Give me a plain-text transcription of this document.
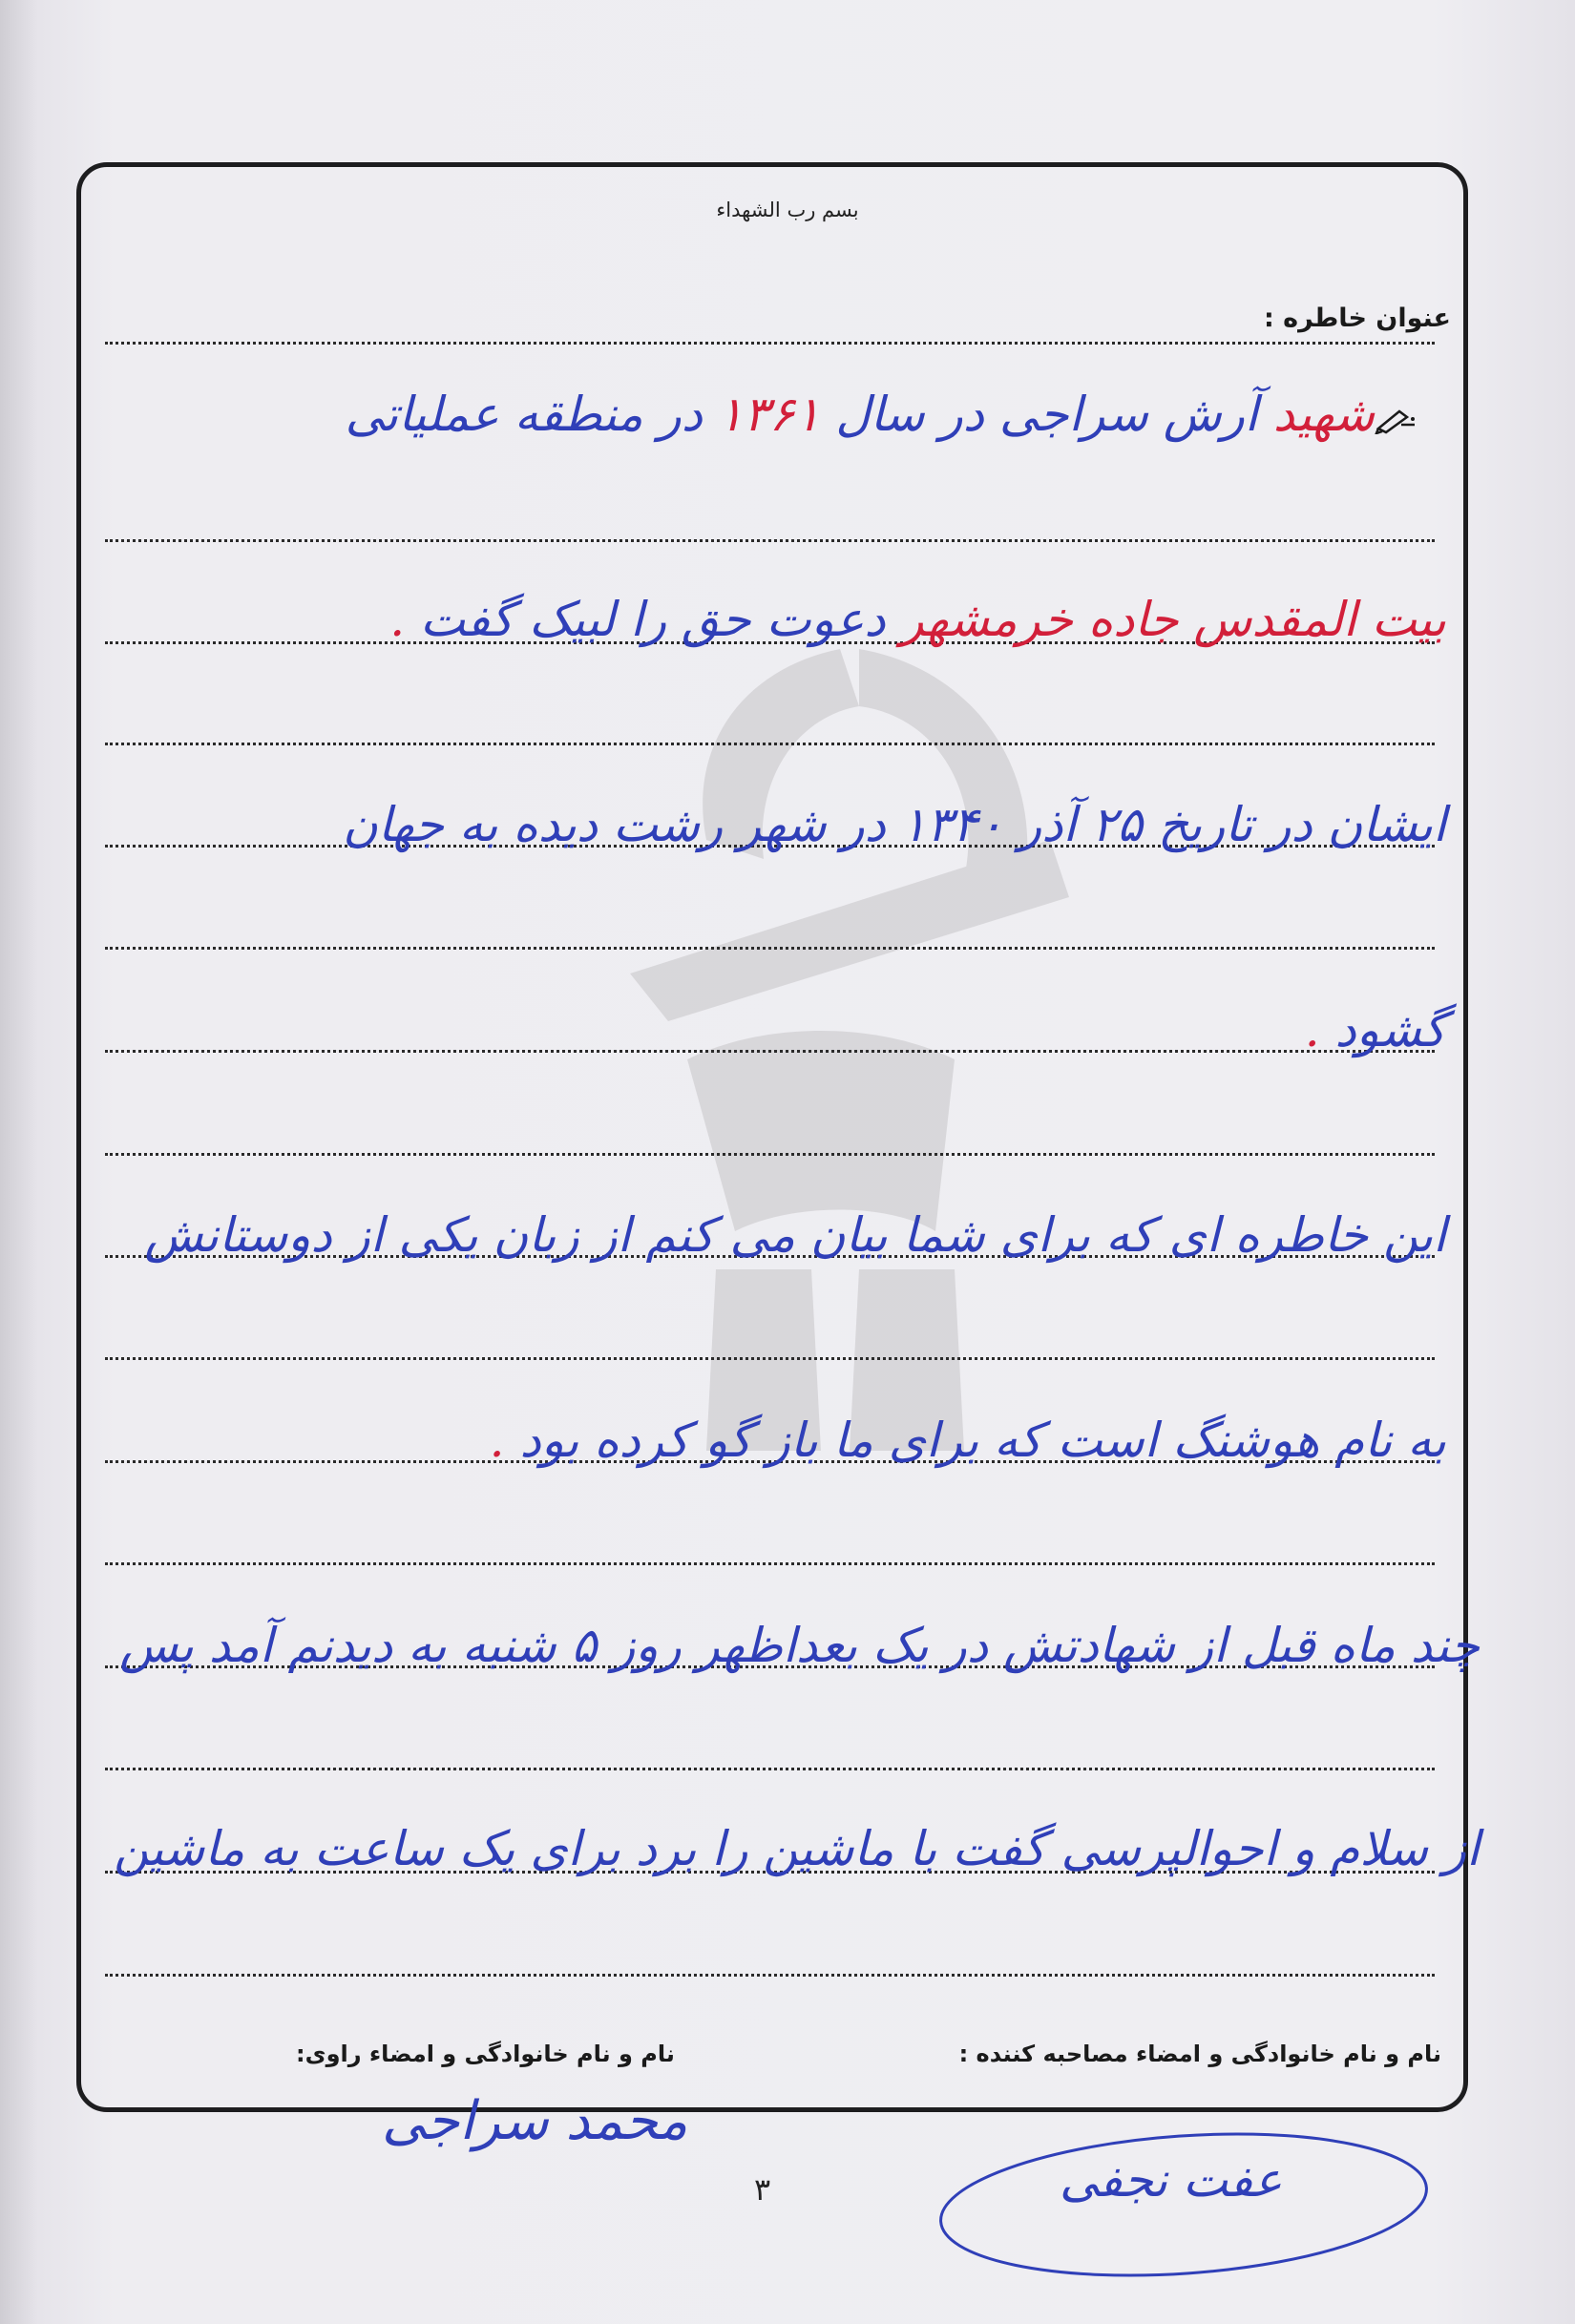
بسم رب الشهداء
عنوان خاطره :
شهید آرش سراجی در سال ۱۳۶۱ در منطقه عملیاتی
بیت المقدس جاده خرمشهر دعوت حق را لبیک گفت .
ایشان در تاریخ ۲۵ آذر ۱۳۴۰ در شهر رشت دیده به جهان
گشود .
این خاطره ای که برای شما بیان می کنم از زبان یکی از دوستانش
به نام هوشنگ است که برای ما باز گو کرده بود .
چند ماه قبل از شهادتش در یک بعداظهر روز ۵ شنبه به دیدنم آمد پس
از سلام و احوالپرسی گفت با ماشین را برد برای یک ساعت به ماشین
نام و نام خانوادگی و امضاء مصاحبه کننده :
نام و نام خانوادگی و امضاء راوی:
محمد سراجی
عفت نجفی
۳
